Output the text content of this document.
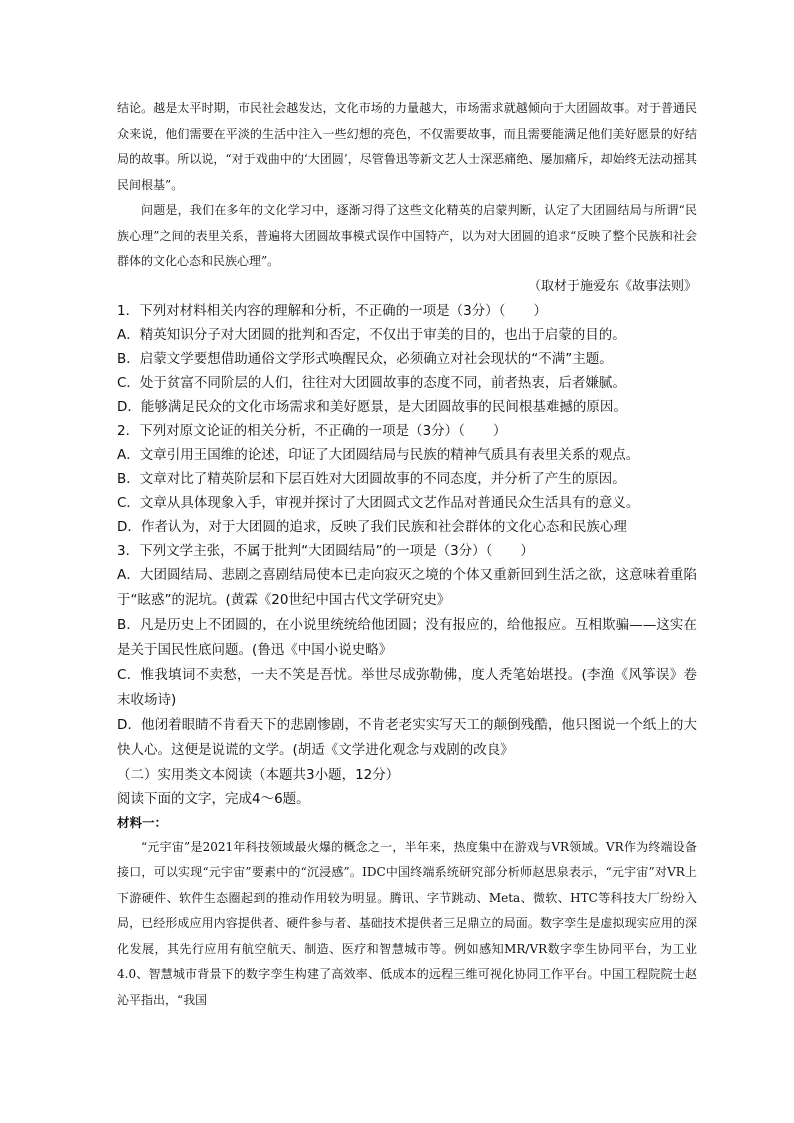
结论。越是太平时期，市民社会越发达，文化市场的力量越大，市场需求就越倾向于大团圆故事。对于普通民众来说，他们需要在平淡的生活中注入一些幻想的亮色，不仅需要故事，而且需要能满足他们美好愿景的好结局的故事。所以说，“对于戏曲中的‘大团圆’，尽管鲁迅等新文艺人士深恶痛绝、屡加痛斥，却始终无法动摇其民间根基”。

问题是，我们在多年的文化学习中，逐渐习得了这些文化精英的启蒙判断，认定了大团圆结局与所谓“民族心理”之间的表里关系，普遍将大团圆故事模式误作中国特产，以为对大团圆的追求“反映了整个民族和社会群体的文化心态和民族心理”。

（取材于施爱东《故事法则》

1．下列对材料相关内容的理解和分析，不正确的一项是（3分）（ ）

A．精英知识分子对大团圆的批判和否定，不仅出于审美的目的，也出于启蒙的目的。

B．启蒙文学要想借助通俗文学形式唤醒民众，必须确立对社会现状的“不满”主题。

C．处于贫富不同阶层的人们，往往对大团圆故事的态度不同，前者热衷，后者嫌腻。

D．能够满足民众的文化市场需求和美好愿景，是大团圆故事的民间根基难撼的原因。

2．下列对原文论证的相关分析，不正确的一项是（3分）（ ）

A．文章引用王国维的论述，印证了大团圆结局与民族的精神气质具有表里关系的观点。

B．文章对比了精英阶层和下层百姓对大团圆故事的不同态度，并分析了产生的原因。

C．文章从具体现象入手，审视并探讨了大团圆式文艺作品对普通民众生活具有的意义。

D．作者认为，对于大团圆的追求，反映了我们民族和社会群体的文化心态和民族心理

3．下列文学主张，不属于批判“大团圆结局”的一项是（3分）（ ）

A．大团圆结局、悲剧之喜剧结局使本已走向寂灭之境的个体又重新回到生活之欲，这意味着重陷于“眩惑”的泥坑。(黄霖《20世纪中国古代文学研究史》

B．凡是历史上不团圆的，在小说里统统给他团圆；没有报应的，给他报应。互相欺骗——这实在是关于国民性底问题。(鲁迅《中国小说史略》

C．惟我填词不卖愁，一夫不笑是吾忧。举世尽成弥勒佛，度人秃笔始堪投。(李渔《风筝误》卷末收场诗)

D．他闭着眼睛不肯看天下的悲剧惨剧，不肯老老实实写天工的颠倒残酷，他只图说一个纸上的大快人心。这便是说谎的文学。(胡适《文学进化观念与戏剧的改良》

（二）实用类文本阅读（本题共3小题，12分）

阅读下面的文字，完成4～6题。

材料一：

“元宇宙”是2021年科技领域最火爆的概念之一，半年来，热度集中在游戏与VR领域。VR作为终端设备接口，可以实现“元宇宙”要素中的“沉浸感”。IDC中国终端系统研究部分析师赵思泉表示，“元宇宙”对VR上下游硬件、软件生态圈起到的推动作用较为明显。腾讯、字节跳动、Meta、微软、HTC等科技大厂纷纷入局，已经形成应用内容提供者、硬件参与者、基础技术提供者三足鼎立的局面。数字孪生是虚拟现实应用的深化发展，其先行应用有航空航天、制造、医疗和智慧城市等。例如感知MR/VR数字孪生协同平台，为工业4.0、智慧城市背景下的数字孪生构建了高效率、低成本的远程三维可视化协同工作平台。中国工程院院士赵沁平指出，“我国
